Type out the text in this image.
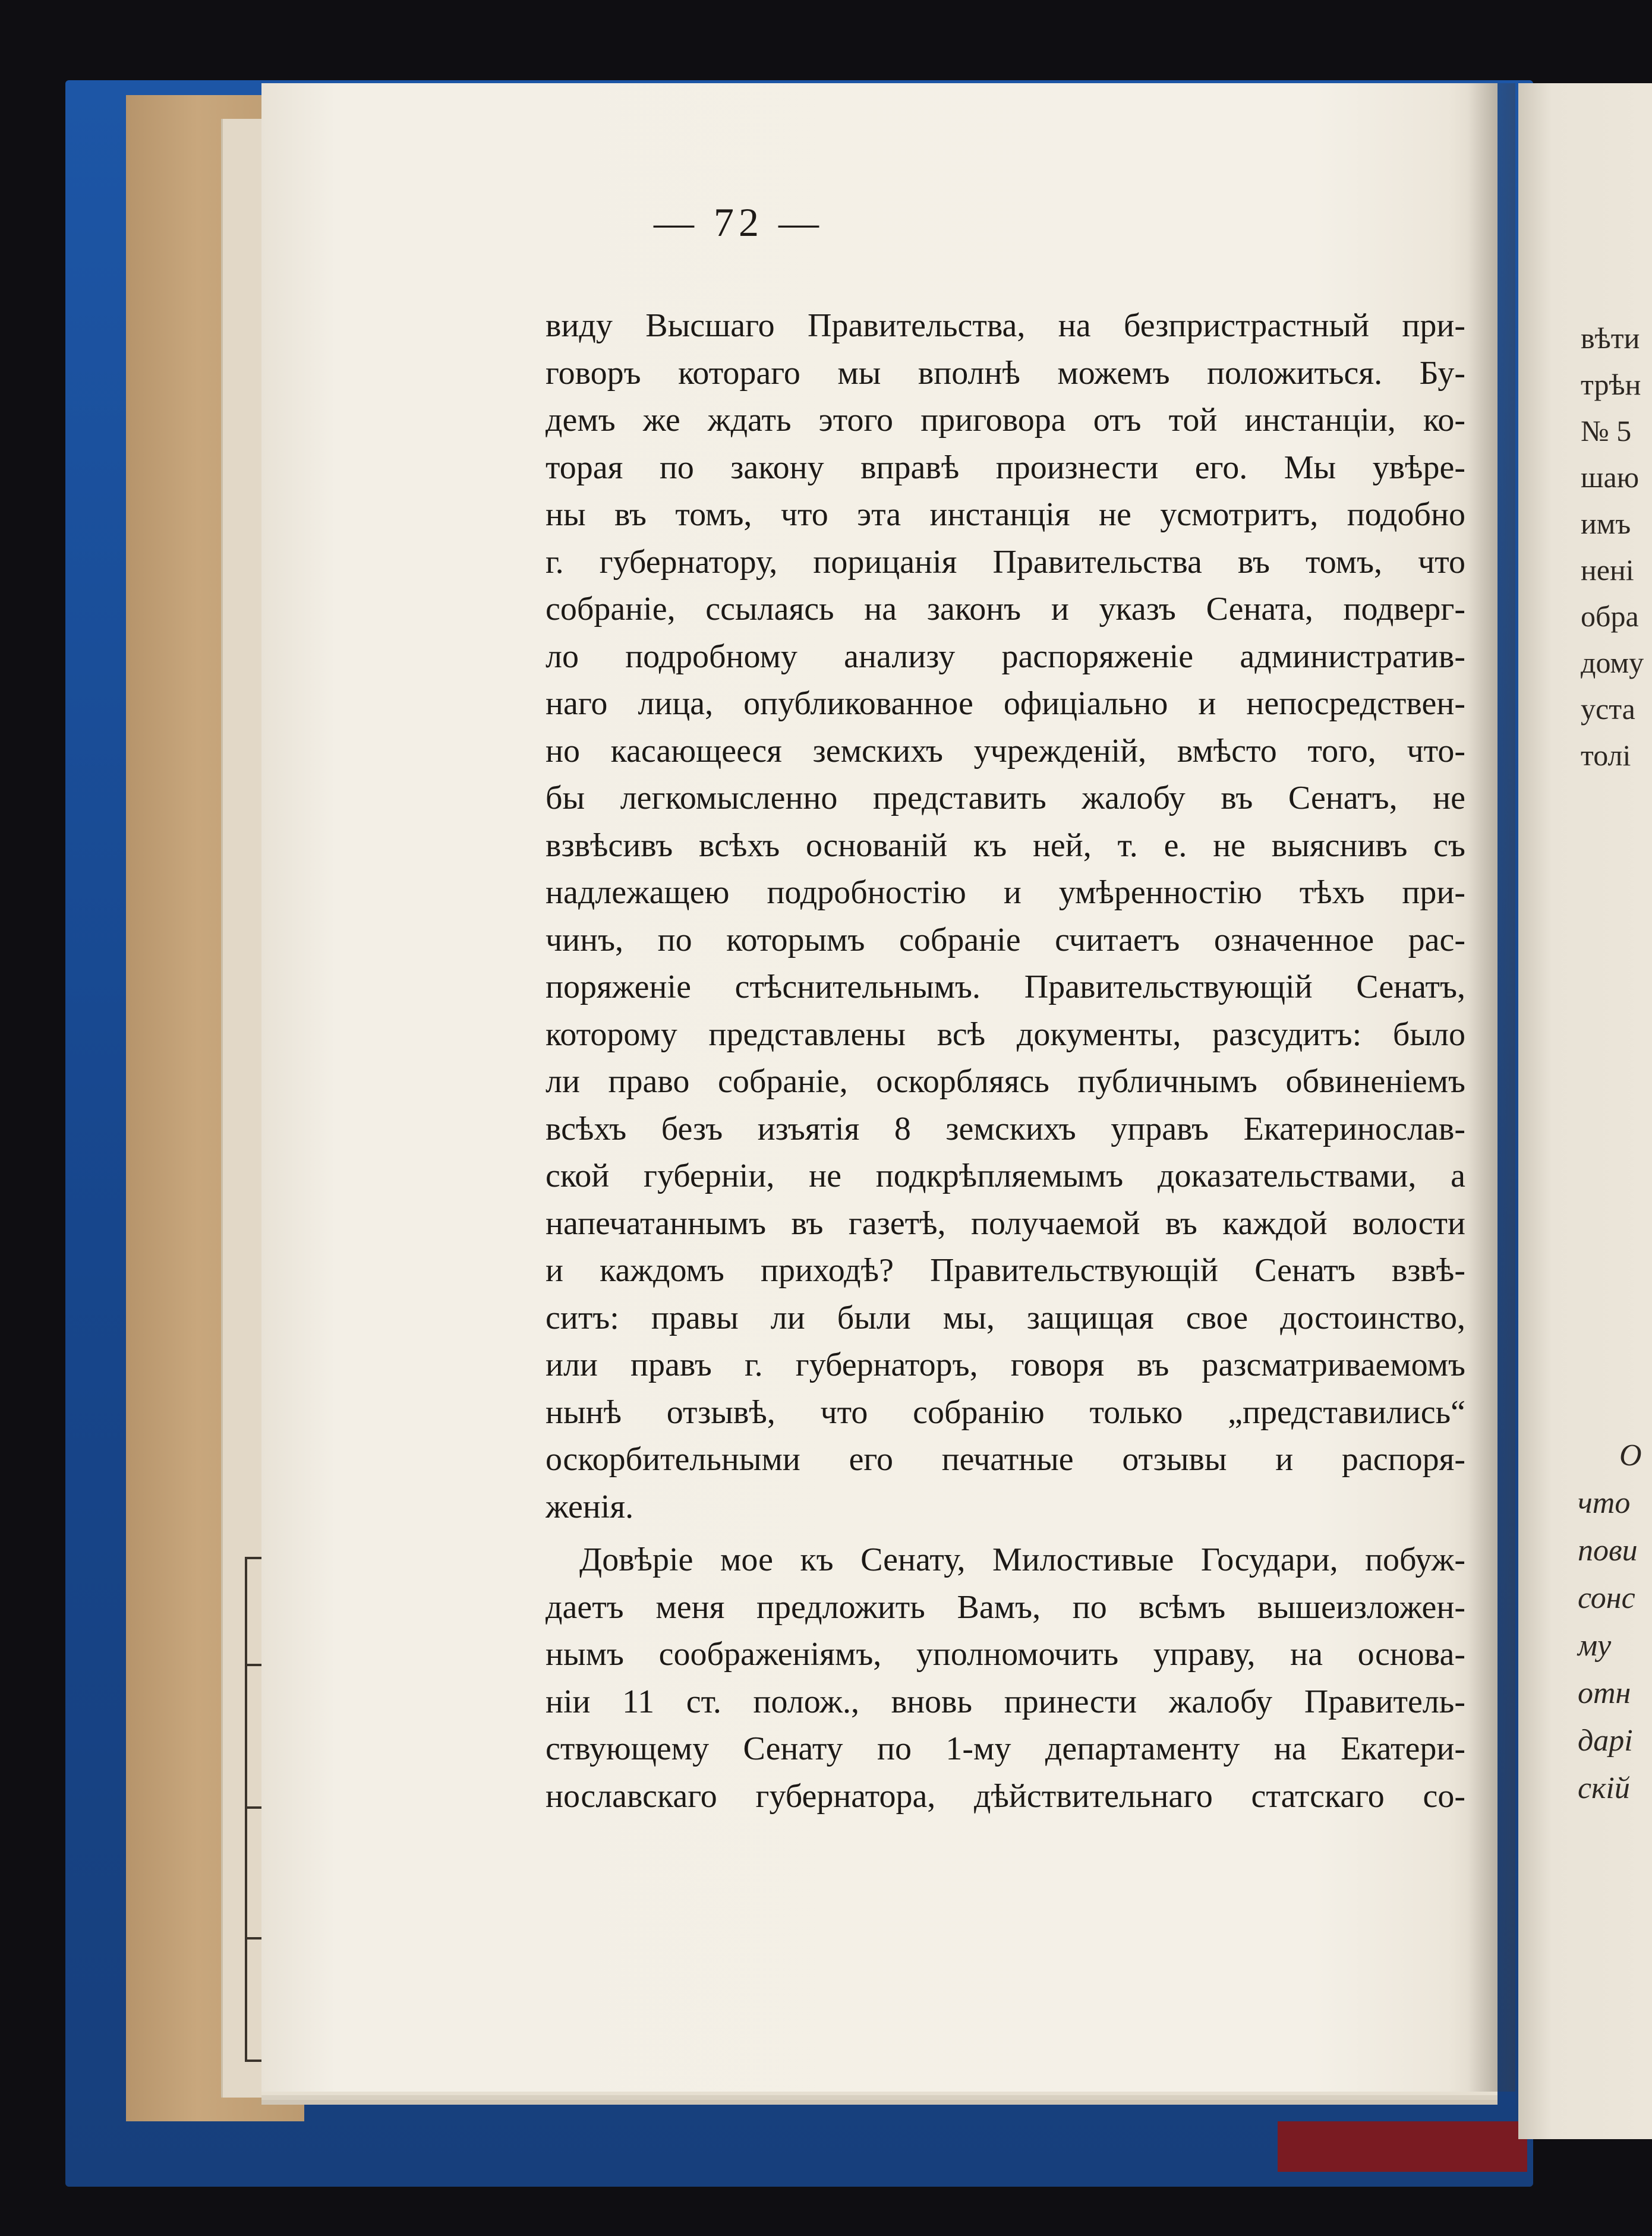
вѣти
трѣн
№ 5
шаю
имъ
нені
обра
дому
уста
толі
О
что
пови
сонс
му
отн
дарі
скій
— 72 —
виду Высшаго Правительства, на безпристрастный при-
говоръ котораго мы вполнѣ можемъ положиться. Бу-
демъ же ждать этого приговора отъ той инстанціи, ко-
торая по закону вправѣ произнести его. Мы увѣре-
ны въ томъ, что эта инстанція не усмотритъ, подобно
г. губернатору, порицанія Правительства въ томъ, что
собраніе, ссылаясь на законъ и указъ Сената, подверг-
ло подробному анализу распоряженіе административ-
наго лица, опубликованное офиціально и непосредствен-
но касающееся земскихъ учрежденій, вмѣсто того, что-
бы легкомысленно представить жалобу въ Сенатъ, не
взвѣсивъ всѣхъ основаній къ ней, т. е. не выяснивъ съ
надлежащею подробностію и умѣренностію тѣхъ при-
чинъ, по которымъ собраніе считаетъ означенное рас-
поряженіе стѣснительнымъ. Правительствующій Сенатъ,
которому представлены всѣ документы, разсудитъ: было
ли право собраніе, оскорбляясь публичнымъ обвиненіемъ
всѣхъ безъ изъятія 8 земскихъ управъ Екатеринослав-
ской губерніи, не подкрѣпляемымъ доказательствами, а
напечатаннымъ въ газетѣ, получаемой въ каждой волости
и каждомъ приходѣ? Правительствующій Сенатъ взвѣ-
ситъ: правы ли были мы, защищая свое достоинство,
или правъ г. губернаторъ, говоря въ разсматриваемомъ
нынѣ отзывѣ, что собранію только „представились“
оскорбительными его печатные отзывы и распоря-
женія.
Довѣріе мое къ Сенату, Милостивые Государи, побуж-
даетъ меня предложить Вамъ, по всѣмъ вышеизложен-
нымъ соображеніямъ, уполномочить управу, на основа-
ніи 11 ст. полож., вновь принести жалобу Правитель-
ствующему Сенату по 1-му департаменту на Екатери-
нославскаго губернатора, дѣйствительнаго статскаго со-
